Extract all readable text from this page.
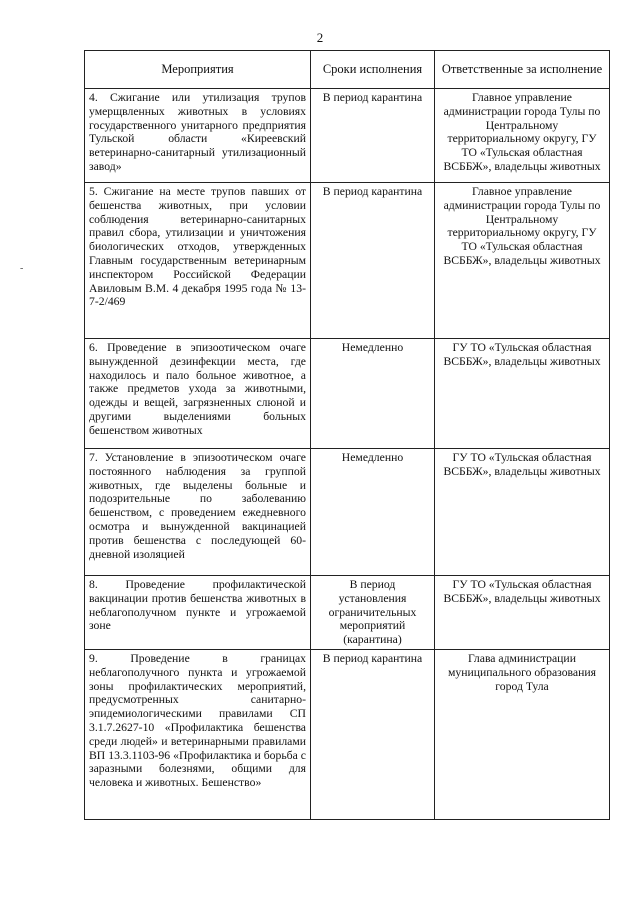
2
-
Мероприятия	Сроки исполнения	Ответственные за исполнение
4. Сжигание или утилизация трупов умерщвленных животных в условиях государственного унитарного предприятия Тульской области «Киреевский ветеринарно-санитарный утилизационный завод»	В период карантина	Главное управление администрации города Тулы по Центральному территориальному округу, ГУ ТО «Тульская областная ВСББЖ», владельцы животных
5. Сжигание на месте трупов павших от бешенства животных, при условии соблюдения ветеринарно-санитарных правил сбора, утилизации и уничтожения биологических отходов, утвержденных Главным государственным ветеринарным инспектором Российской Федерации Авиловым В.М. 4 декабря 1995 года № 13-7-2/469	В период карантина	Главное управление администрации города Тулы по Центральному территориальному округу, ГУ ТО «Тульская областная ВСББЖ», владельцы животных
6. Проведение в эпизоотическом очаге вынужденной дезинфекции места, где находилось и пало больное животное, а также предметов ухода за животными, одежды и вещей, загрязненных слюной и другими выделениями больных бешенством животных	Немедленно	ГУ ТО «Тульская областная ВСББЖ», владельцы животных
7. Установление в эпизоотическом очаге постоянного наблюдения за группой животных, где выделены больные и подозрительные по заболеванию бешенством, с проведением ежедневного осмотра и вынужденной вакцинацией против бешенства с последующей 60-дневной изоляцией	Немедленно	ГУ ТО «Тульская областная ВСББЖ», владельцы животных
8. Проведение профилактической вакцинации против бешенства животных в неблагополучном пункте и угрожаемой зоне	В период установления ограничительных мероприятий (карантина)	ГУ ТО «Тульская областная ВСББЖ», владельцы животных
9. Проведение в границах неблагополучного пункта и угрожаемой зоны профилактических мероприятий, предусмотренных санитарно-эпидемиологическими правилами СП 3.1.7.2627-10 «Профилактика бешенства среди людей» и ветеринарными правилами ВП 13.3.1103-96 «Профилактика и борьба с заразными болезнями, общими для человека и животных. Бешенство»	В период карантина	Глава администрации муниципального образования город Тула
